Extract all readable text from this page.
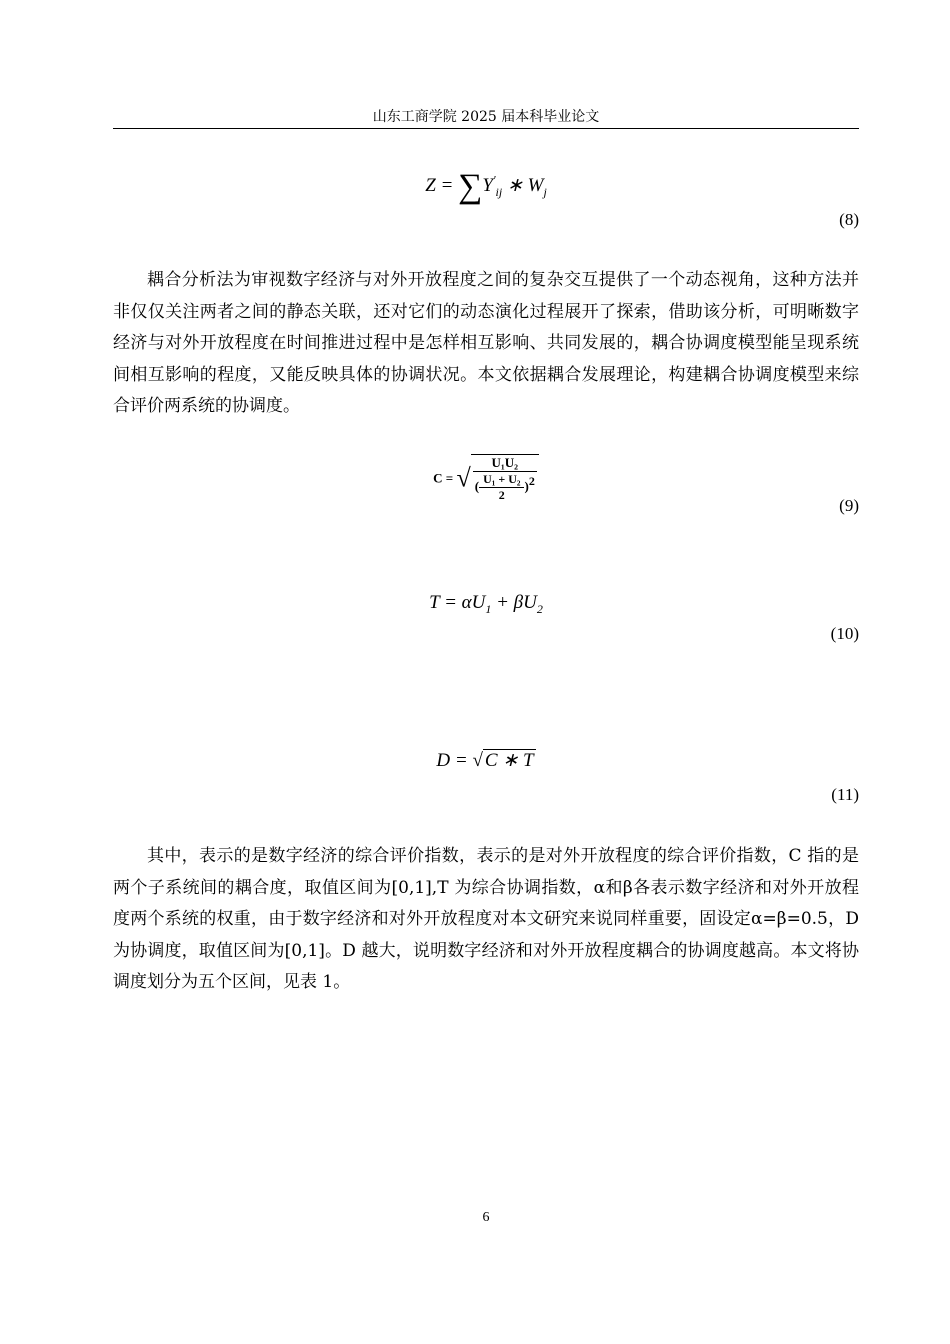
山东工商学院 2025 届本科毕业论文
$Z = \sum Y'_{ij}$ ∗ $W_j$
(8)

耦合分析法为审视数字经济与对外开放程度之间的复杂交互提供了一个动态视角，这种方法并非仅仅关注两者之间的静态关联，还对它们的动态演化过程展开了探索，借助该分析，可明晰数字经济与对外开放程度在时间推进过程中是怎样相互影响、共同发展的，耦合协调度模型能呈现系统间相互影响的程度，又能反映具体的协调状况。本文依据耦合发展理论，构建耦合协调度模型来综合评价两系统的协调度。

C = √ $\frac{\text{U₁U₂}}{( \frac{\text{U₁ + U₂}}{2} )^2}$
(9)
$T = \alpha U_1 + \beta U_2$
(10)
D = √ C ∗ T
(11)

其中，表示的是数字经济的综合评价指数，表示的是对外开放程度的综合评价指数，C 指的是两个子系统间的耦合度，取值区间为[0,1],T 为综合协调指数，α和β各表示数字经济和对外开放程度两个系统的权重，由于数字经济和对外开放程度对本文研究来说同样重要，固设定α=β=0.5，D 为协调度，取值区间为[0,1]。D 越大，说明数字经济和对外开放程度耦合的协调度越高。本文将协调度划分为五个区间，见表 1。

6
